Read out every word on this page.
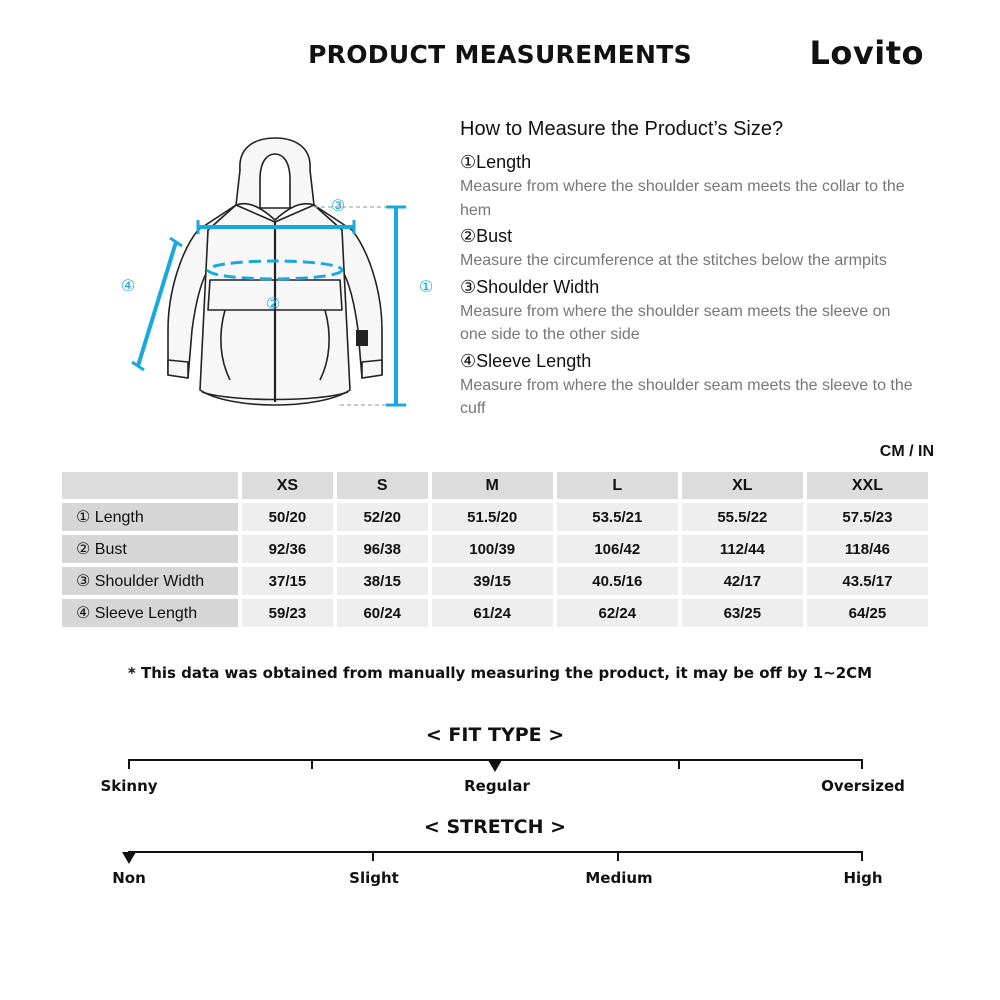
PRODUCT MEASUREMENTS	Lovito
①
②
③
④
How to Measure the Product’s Size?
①Length
Measure from where the shoulder seam meets the collar to the hem
②Bust
Measure the circumference at the stitches below the armpits
③Shoulder Width
Measure from where the shoulder seam meets the sleeve on one side to the other side
④Sleeve Length
Measure from where the shoulder seam meets the sleeve to the cuff
CM / IN
	XS	S	M	L	XL	XXL
① Length	50/20	52/20	51.5/20	53.5/21	55.5/22	57.5/23
② Bust	92/36	96/38	100/39	106/42	112/44	118/46
③ Shoulder Width	37/15	38/15	39/15	40.5/16	42/17	43.5/17
④ Sleeve Length	59/23	60/24	61/24	62/24	63/25	64/25
* This data was obtained from manually measuring the product, it may be off by 1~2CM
< FIT TYPE >
Skinny	Regular	Oversized
< STRETCH >
Non	Slight	Medium	High
